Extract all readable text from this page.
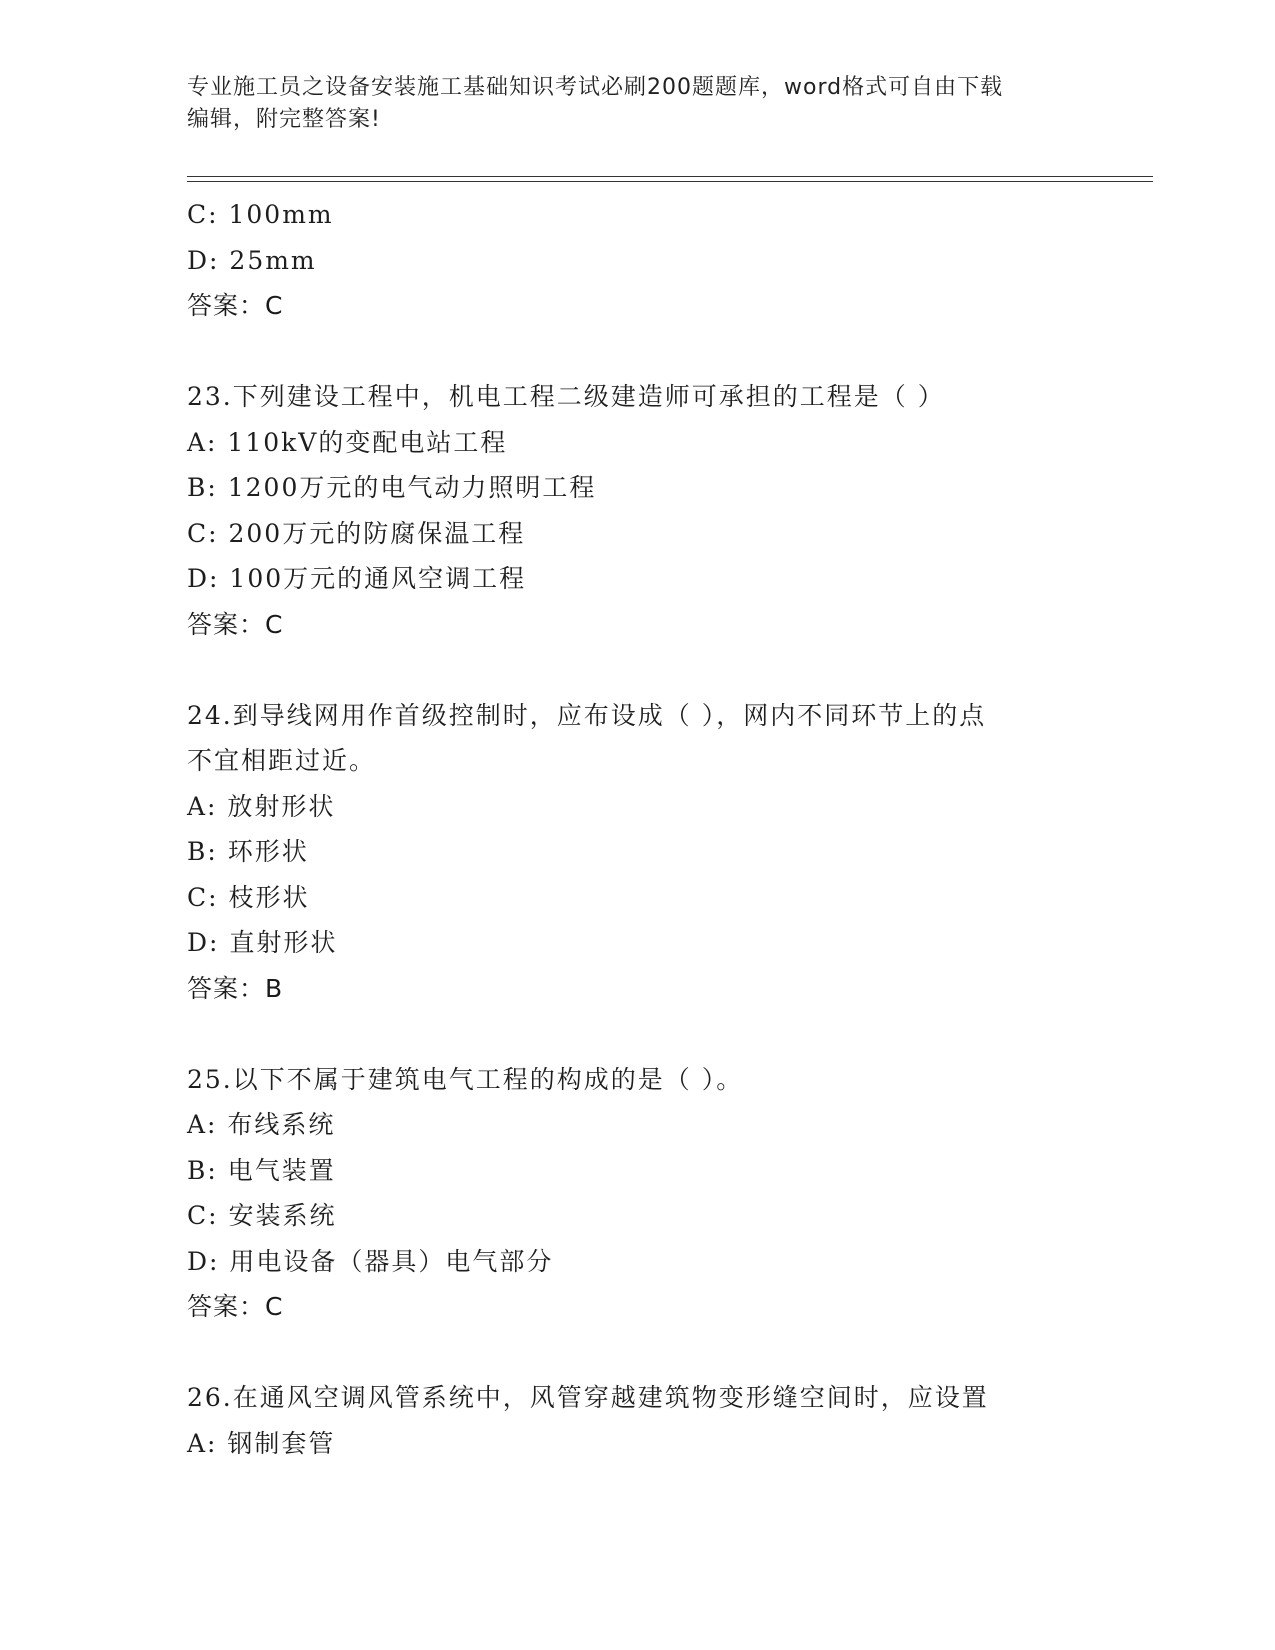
专业施工员之设备安装施工基础知识考试必刷200题题库，word格式可自由下载
编辑，附完整答案!
C: 100mm
D: 25mm
答案：C
23.下列建设工程中，机电工程二级建造师可承担的工程是（ ）
A: 110kV的变配电站工程
B: 1200万元的电气动力照明工程
C: 200万元的防腐保温工程
D: 100万元的通风空调工程
答案：C
24.到导线网用作首级控制时，应布设成（ ），网内不同环节上的点
不宜相距过近。
A: 放射形状
B: 环形状
C: 枝形状
D: 直射形状
答案：B
25.以下不属于建筑电气工程的构成的是（ ）。
A: 布线系统
B: 电气装置
C: 安装系统
D: 用电设备（器具）电气部分
答案：C
26.在通风空调风管系统中，风管穿越建筑物变形缝空间时，应设置
A: 钢制套管
